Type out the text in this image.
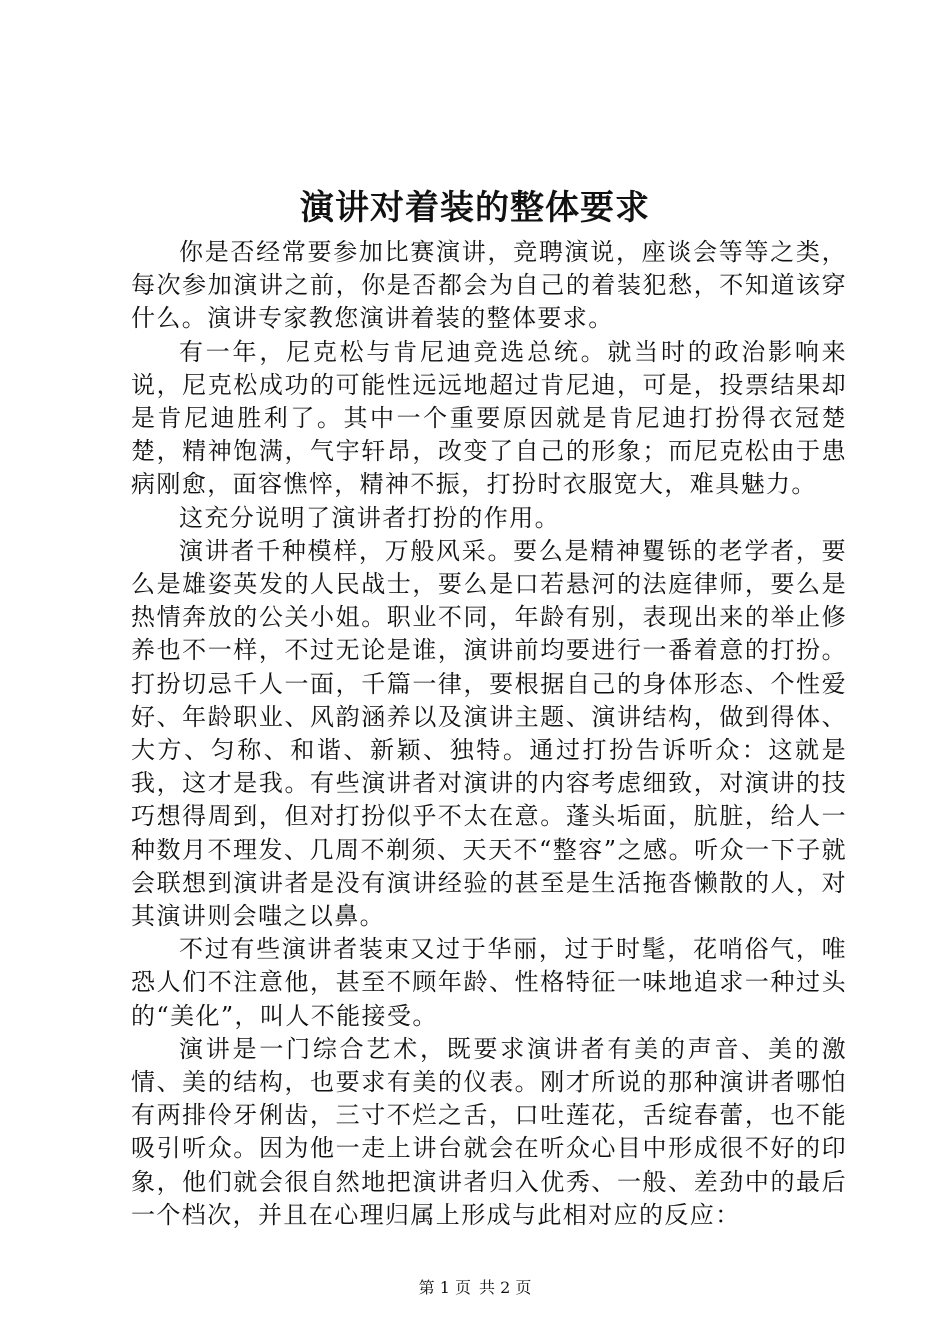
演讲对着装的整体要求

你是否经常要参加比赛演讲，竞聘演说，座谈会等等之类，每次参加演讲之前，你是否都会为自己的着装犯愁，不知道该穿什么。演讲专家教您演讲着装的整体要求。

有一年，尼克松与肯尼迪竞选总统。就当时的政治影响来说，尼克松成功的可能性远远地超过肯尼迪，可是，投票结果却是肯尼迪胜利了。其中一个重要原因就是肯尼迪打扮得衣冠楚楚，精神饱满，气宇轩昂，改变了自己的形象；而尼克松由于患病刚愈，面容憔悴，精神不振，打扮时衣服宽大，难具魅力。

这充分说明了演讲者打扮的作用。

演讲者千种模样，万般风采。要么是精神矍铄的老学者，要么是雄姿英发的人民战士，要么是口若悬河的法庭律师，要么是热情奔放的公关小姐。职业不同，年龄有别，表现出来的举止修养也不一样，不过无论是谁，演讲前均要进行一番着意的打扮。打扮切忌千人一面，千篇一律，要根据自己的身体形态、个性爱好、年龄职业、风韵涵养以及演讲主题、演讲结构，做到得体、大方、匀称、和谐、新颖、独特。通过打扮告诉听众：这就是我，这才是我。有些演讲者对演讲的内容考虑细致，对演讲的技巧想得周到，但对打扮似乎不太在意。蓬头垢面，肮脏，给人一种数月不理发、几周不剃须、天天不“整容”之感。听众一下子就会联想到演讲者是没有演讲经验的甚至是生活拖沓懒散的人，对其演讲则会嗤之以鼻。

不过有些演讲者装束又过于华丽，过于时髦，花哨俗气，唯恐人们不注意他，甚至不顾年龄、性格特征一味地追求一种过头的“美化”，叫人不能接受。

演讲是一门综合艺术，既要求演讲者有美的声音、美的激情、美的结构，也要求有美的仪表。刚才所说的那种演讲者哪怕有两排伶牙俐齿，三寸不烂之舌，口吐莲花，舌绽春蕾，也不能吸引听众。因为他一走上讲台就会在听众心目中形成很不好的印象，他们就会很自然地把演讲者归入优秀、一般、差劲中的最后一个档次，并且在心理归属上形成与此相对应的反应：

第 1 页 共 2 页
